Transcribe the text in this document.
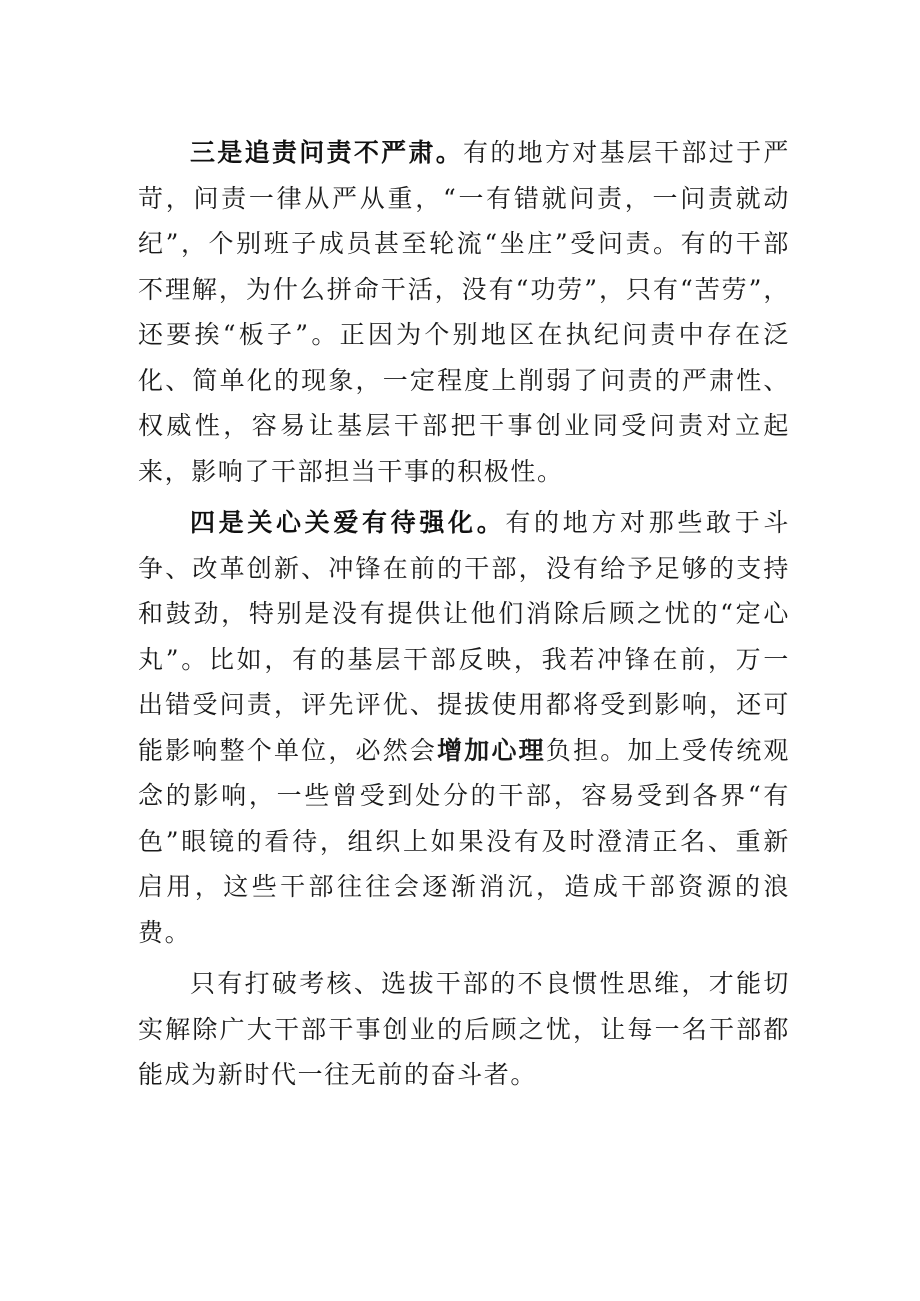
三是追责问责不严肃。有的地方对基层干部过于严苛，问责一律从严从重，“一有错就问责，一问责就动纪”，个别班子成员甚至轮流“坐庄”受问责。有的干部不理解，为什么拼命干活，没有“功劳”，只有“苦劳”，还要挨“板子”。正因为个别地区在执纪问责中存在泛化、简单化的现象，一定程度上削弱了问责的严肃性、权威性，容易让基层干部把干事创业同受问责对立起来，影响了干部担当干事的积极性。

四是关心关爱有待强化。有的地方对那些敢于斗争、改革创新、冲锋在前的干部，没有给予足够的支持和鼓劲，特别是没有提供让他们消除后顾之忧的“定心丸”。比如，有的基层干部反映，我若冲锋在前，万一出错受问责，评先评优、提拔使用都将受到影响，还可能影响整个单位，必然会增加心理负担。加上受传统观念的影响，一些曾受到处分的干部，容易受到各界“有色”眼镜的看待，组织上如果没有及时澄清正名、重新启用，这些干部往往会逐渐消沉，造成干部资源的浪费。

只有打破考核、选拔干部的不良惯性思维，才能切实解除广大干部干事创业的后顾之忧，让每一名干部都能成为新时代一往无前的奋斗者。
